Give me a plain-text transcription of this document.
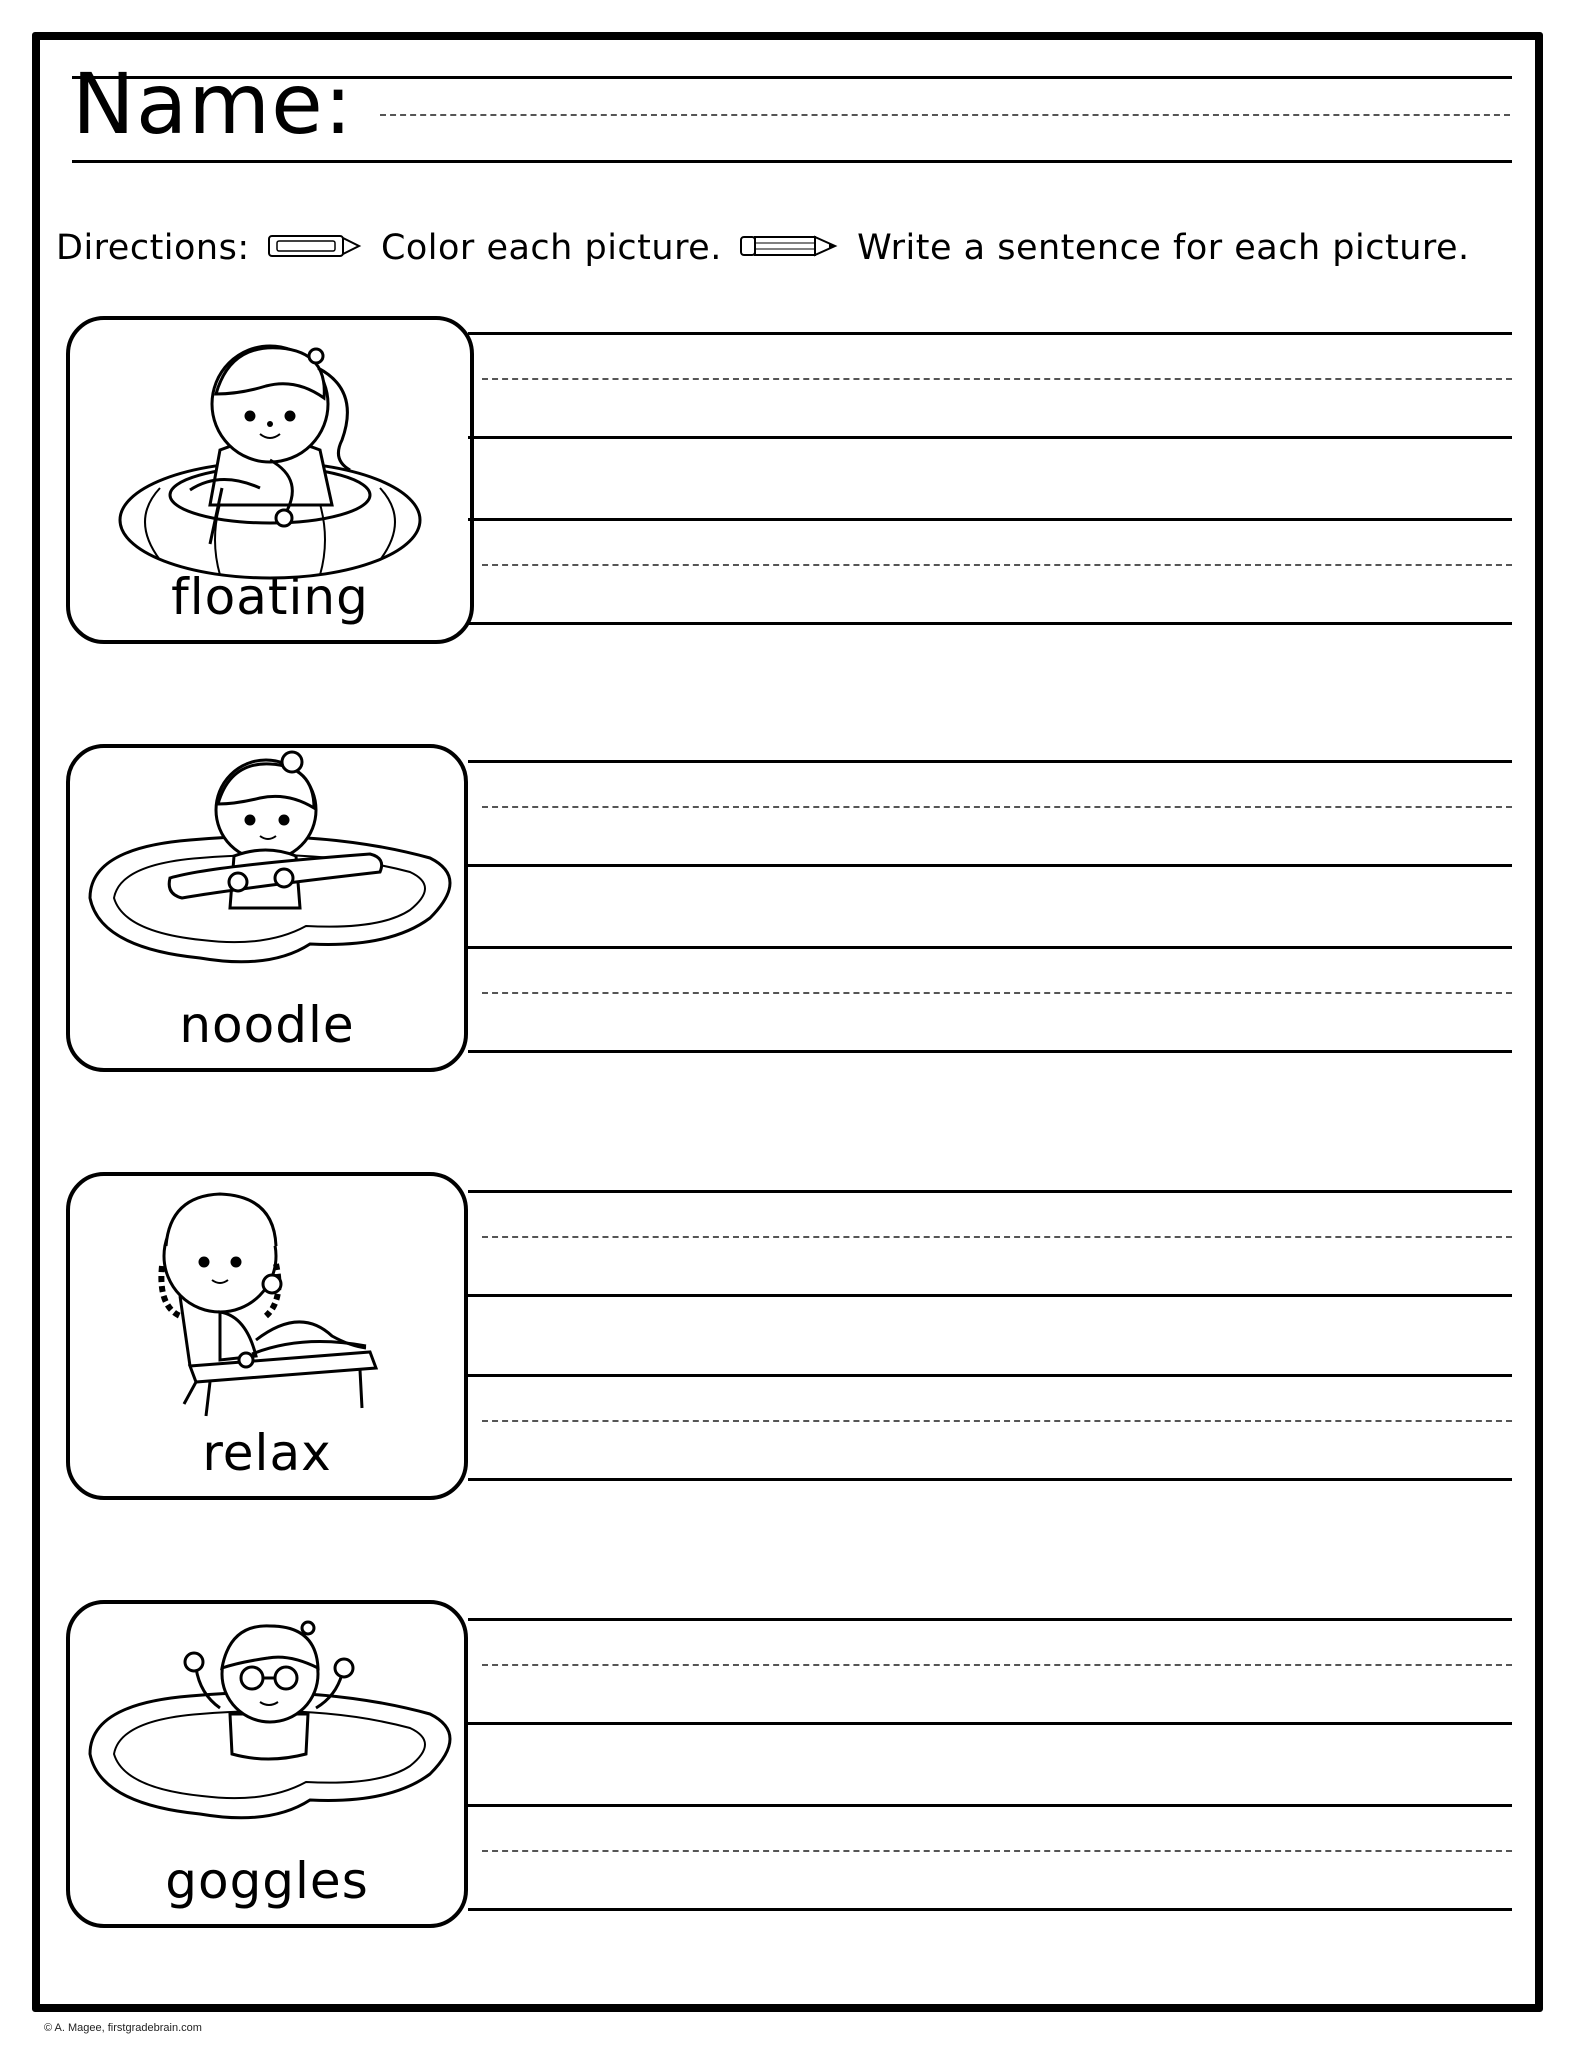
Name:
Directions:	Color each picture.	Write a sentence for each picture.
floating
noodle
relax
goggles
© A. Magee, firstgradebrain.com
